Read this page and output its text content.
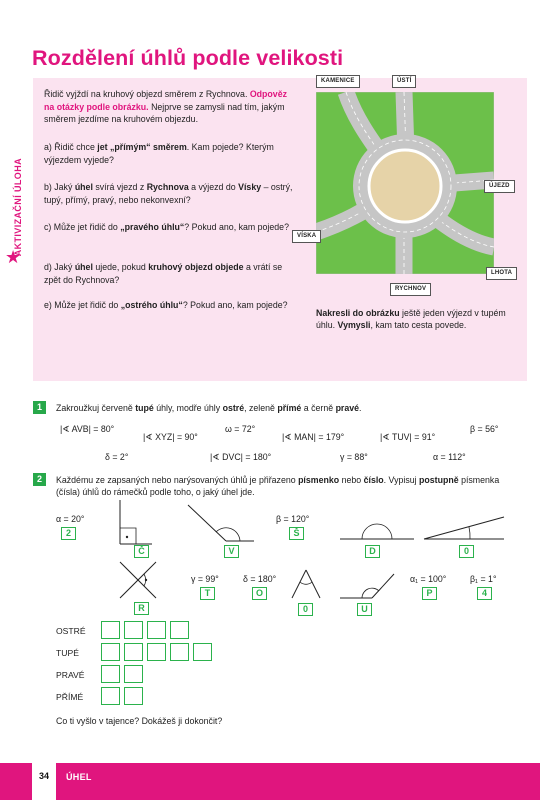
Rozdělení úhlů podle velikosti
AKTIVIZAČNÍ ÚLOHA
★
Řidič vyjždí na kruhový objezd směrem z Rychnova. Odpověz na otázky podle obrázku. Nejprve se zamysli nad tím, jakým směrem jezdíme na kruhovém objezdu.
a) Řidič chce jet „přímým“ směrem. Kam pojede? Kterým výjezdem vyjede?
b) Jaký úhel svírá vjezd z Rychnova a výjezd do Vísky – ostrý, tupý, přímý, pravý, nebo nekonvexní?
c) Může jet řidič do „pravého úhlu“? Pokud ano, kam pojede?
d) Jaký úhel ujede, pokud kruhový objezd objede a vrátí se zpět do Rychnova?
e) Může jet řidič do „ostrého úhlu“? Pokud ano, kam pojede?
KAMENICE	ÚSTÍ
ÚJEZD
VÍSKA
LHOTA
RYCHNOV
Nakresli do obrázku ještě jeden výjezd v tupém úhlu. Vymysli, kam tato cesta povede.
1	Zakroužkuj červeně tupé úhly, modře úhly ostré, zeleně přímé a černě pravé.
|∢ AVB| = 80°
|∢ XYZ| = 90°
ω = 72°
|∢ MAN| = 179°	|∢ TUV| = 91°
β = 56°
δ = 2°	|∢ DVC| = 180°	γ = 88°	α = 112°
2	Každému ze zapsaných nebo narýsovaných úhlů je přiřazeno písmenko nebo číslo. Vypisuj postupně písmenka (čísla) úhlů do rámečků podle toho, o jaký úhel jde.
α = 20°	β = 120°
γ = 99°	δ = 180°	α₁ = 100°	β₁ = 1°
2
Č	V
Š
D	0
R
T	O
0	U
P	4
OSTRÉ
TUPÉ
PRAVÉ
PŘÍMÉ
Co ti vyšlo v tajence? Dokážeš ji dokončit?
34	ÚHEL
